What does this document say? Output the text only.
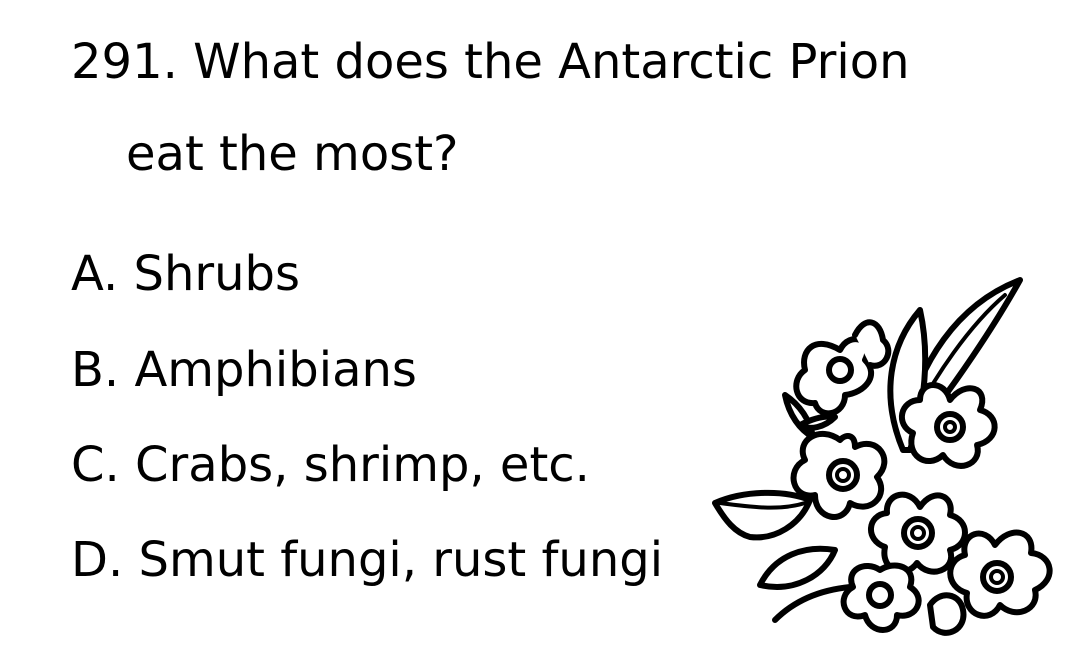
291. What does the Antarctic Prion
eat the most?
A. Shrubs
B. Amphibians
C. Crabs, shrimp, etc.
D. Smut fungi, rust fungi
